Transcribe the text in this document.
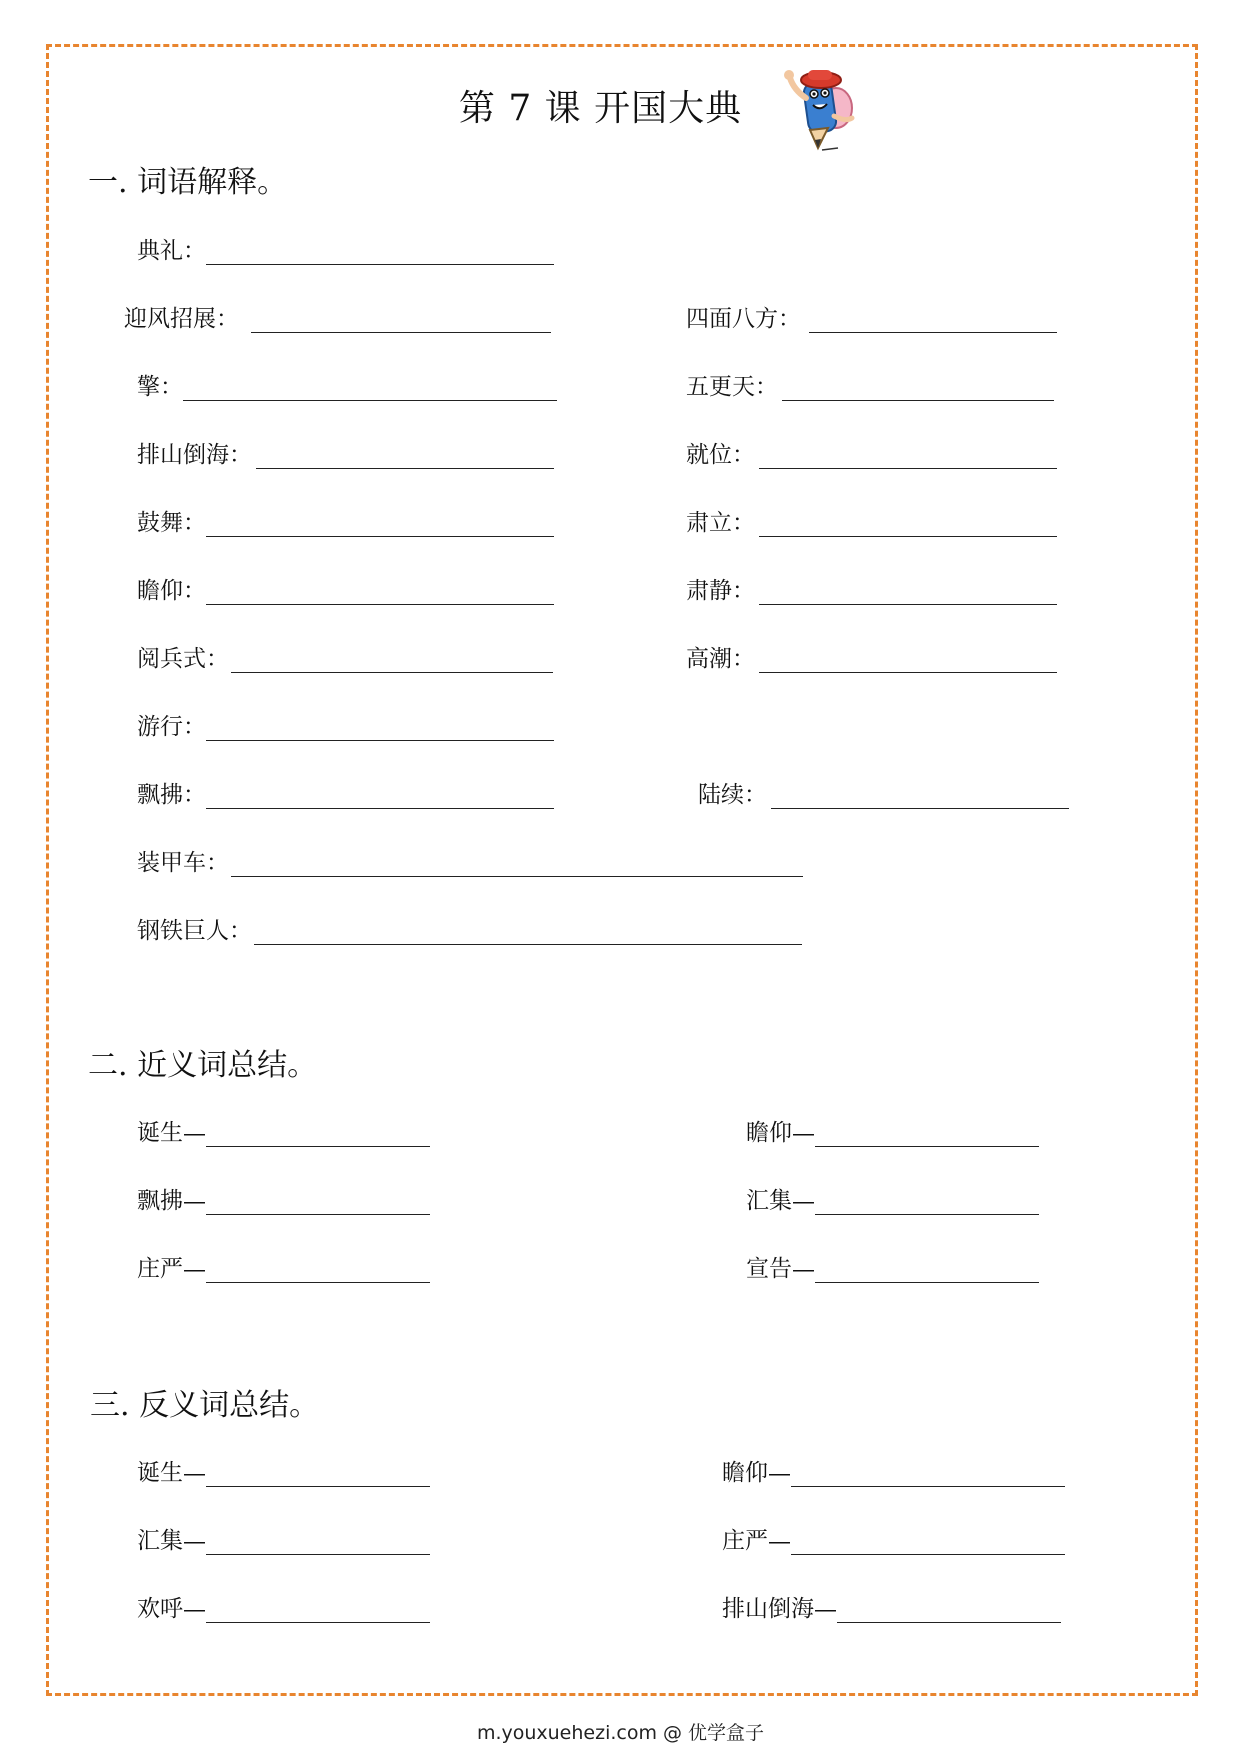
第 7 课 开国大典
一. 词语解释。
典礼：
迎风招展：	四面八方：
擎：	五更天：
排山倒海：	就位：
鼓舞：	肃立：
瞻仰：	肃静：
阅兵式：	高潮：
游行：
飘拂：	陆续：
装甲车：
钢铁巨人：
二. 近义词总结。
诞生—	瞻仰—
飘拂—	汇集—
庄严—	宣告—
三. 反义词总结。
诞生—	瞻仰—
汇集—	庄严—
欢呼—	排山倒海—
m.youxuehezi.com @ 优学盒子
